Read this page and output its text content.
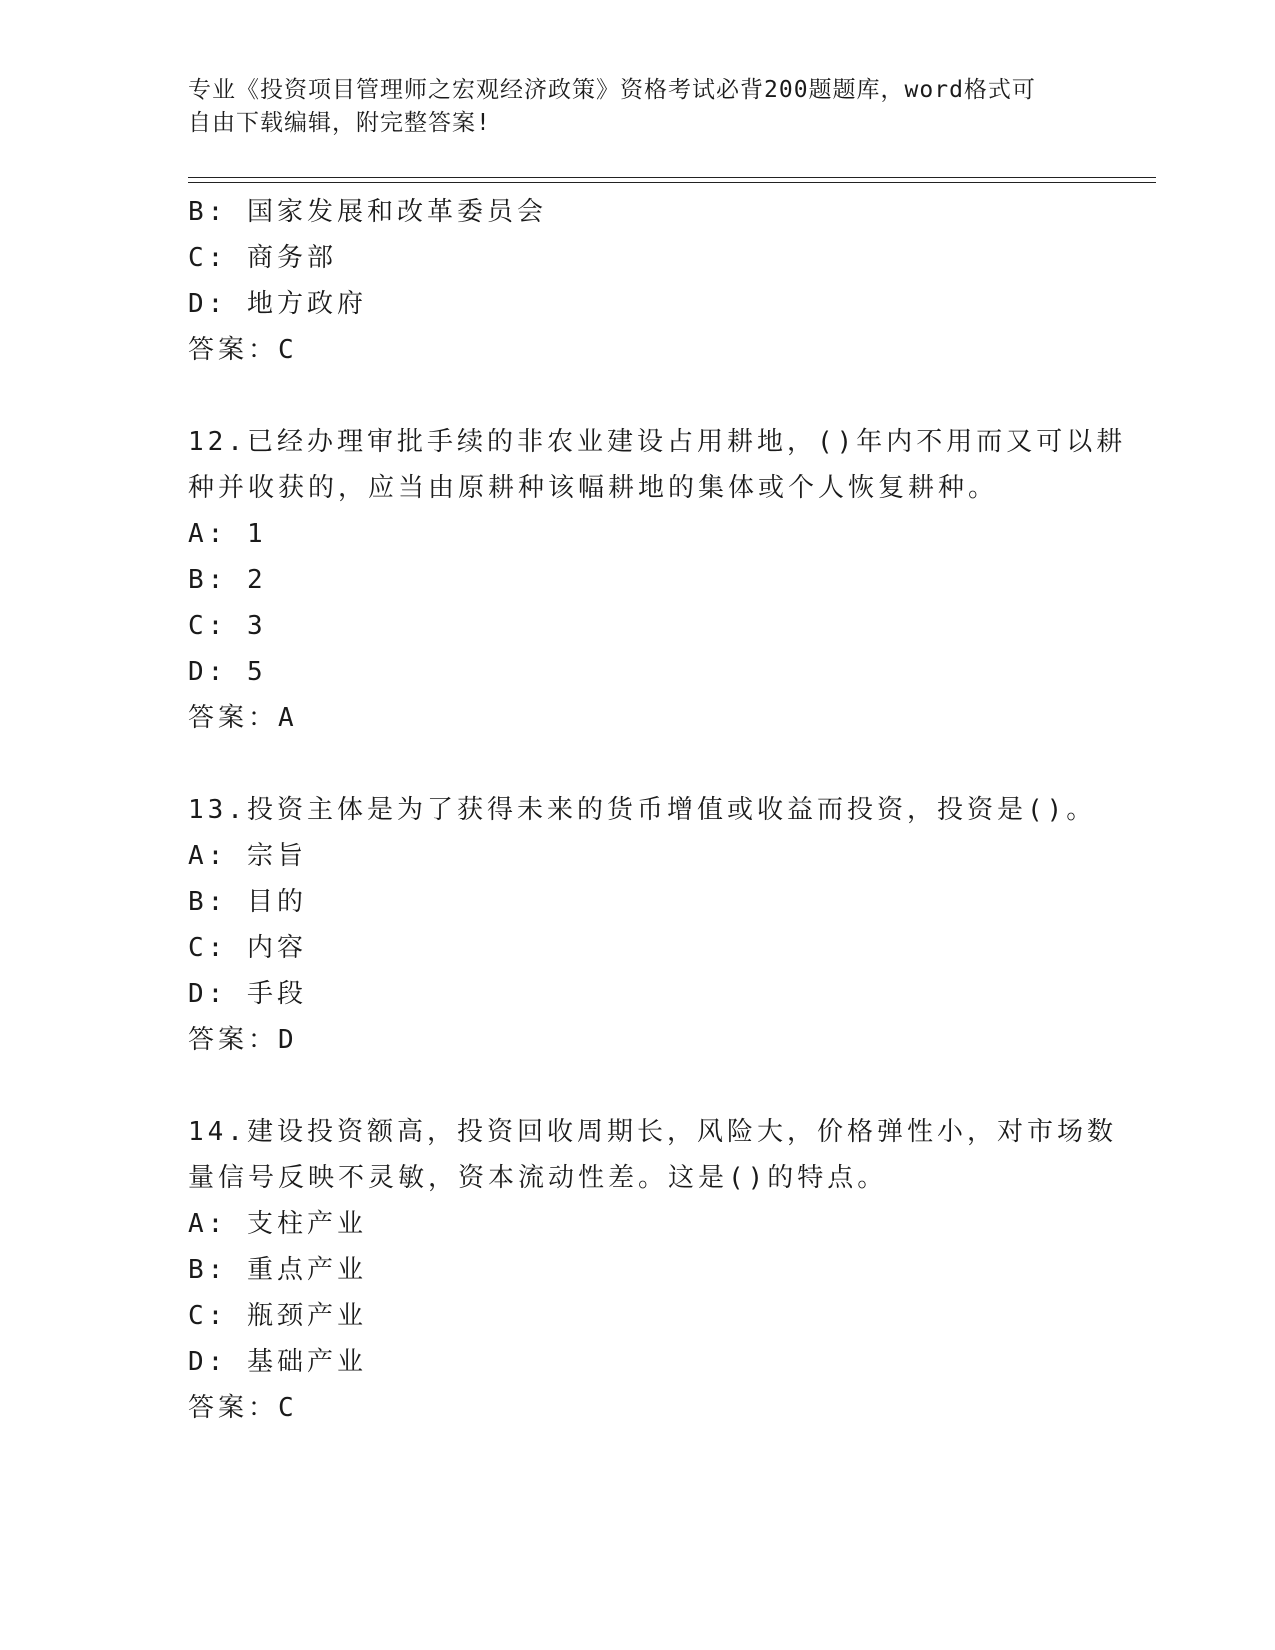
专业《投资项目管理师之宏观经济政策》资格考试必背200题题库，word格式可
自由下载编辑，附完整答案!
B: 国家发展和改革委员会
C: 商务部
D: 地方政府
答案：C
12.已经办理审批手续的非农业建设占用耕地，()年内不用而又可以耕
种并收获的，应当由原耕种该幅耕地的集体或个人恢复耕种。
A: 1
B: 2
C: 3
D: 5
答案：A
13.投资主体是为了获得未来的货币增值或收益而投资，投资是()。
A: 宗旨
B: 目的
C: 内容
D: 手段
答案：D
14.建设投资额高，投资回收周期长，风险大，价格弹性小，对市场数
量信号反映不灵敏，资本流动性差。这是()的特点。
A: 支柱产业
B: 重点产业
C: 瓶颈产业
D: 基础产业
答案：C
